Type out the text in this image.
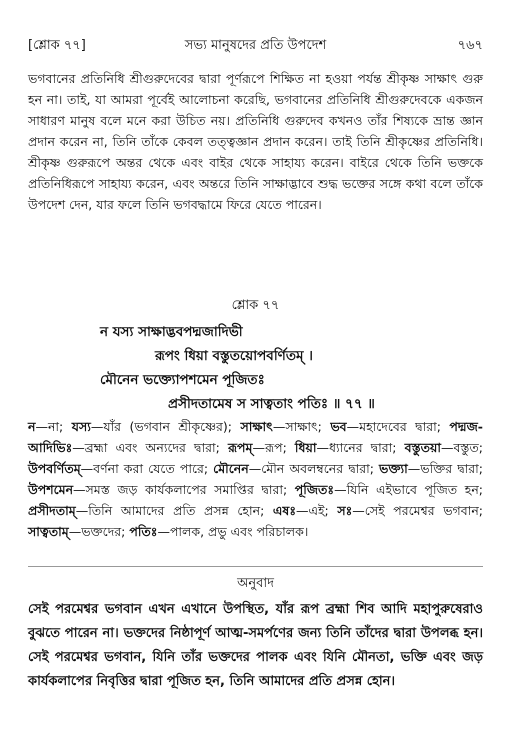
[শ্লোক ৭৭]	সভ্য মানুষদের প্রতি উপদেশ	৭৬৭
ভগবানের প্রতিনিধি শ্রীগুরুদেবের দ্বারা পূর্ণরূপে শিক্ষিত না হওয়া পর্যন্ত শ্রীকৃষ্ণ সাক্ষাৎ গুরু হন না। তাই, যা আমরা পূর্বেই আলোচনা করেছি, ভগবানের প্রতিনিধি শ্রীগুরুদেবকে একজন সাধারণ মানুষ বলে মনে করা উচিত নয়। প্রতিনিধি গুরুদেব কখনও তাঁর শিষ্যকে ভ্রান্ত জ্ঞান প্রদান করেন না, তিনি তাঁকে কেবল তত্ত্বজ্ঞান প্রদান করেন। তাই তিনি শ্রীকৃষ্ণের প্রতিনিধি। শ্রীকৃষ্ণ গুরুরূপে অন্তর থেকে এবং বাইর থেকে সাহায্য করেন। বাইরে থেকে তিনি ভক্তকে প্রতিনিধিরূপে সাহায্য করেন, এবং অন্তরে তিনি সাক্ষাদ্ভাবে শুদ্ধ ভক্তের সঙ্গে কথা বলে তাঁকে উপদেশ দেন, যার ফলে তিনি ভগবদ্ধামে ফিরে যেতে পারেন।
শ্লোক ৭৭
ন যস্য সাক্ষাদ্ভবপদ্মজাদিভী
রূপং ধিয়া বস্তুতয়োপবর্ণিতম্ ।
মৌনেন ভক্ত্যোপশমেন পূজিতঃ
প্রসীদতামেষ স সাত্বতাং পতিঃ ॥ ৭৭ ॥
ন—না; যস্য—যাঁর (ভগবান শ্রীকৃষ্ণের); সাক্ষাৎ—সাক্ষাৎ; ভব—মহাদেবের দ্বারা; পদ্মজ-আদিভিঃ—ব্রহ্মা এবং অন্যদের দ্বারা; রূপম্—রূপ; ধিয়া—ধ্যানের দ্বারা; বস্তুতয়া—বস্তুত; উপবর্ণিতম্—বর্ণনা করা যেতে পারে; মৌনেন—মৌন অবলম্বনের দ্বারা; ভক্ত্যা—ভক্তির দ্বারা; উপশমেন—সমস্ত জড় কার্যকলাপের সমাপ্তির দ্বারা; পূজিতঃ—যিনি এইভাবে পূজিত হন; প্রসীদতাম্—তিনি আমাদের প্রতি প্রসন্ন হোন; এষঃ—এই; সঃ—সেই পরমেশ্বর ভগবান; সাত্বতাম্—ভক্তদের; পতিঃ—পালক, প্রভু এবং পরিচালক।
অনুবাদ
সেই পরমেশ্বর ভগবান এখন এখানে উপস্থিত, যাঁর রূপ ব্রহ্মা শিব আদি মহাপুরুষেরাও বুঝতে পারেন না। ভক্তদের নিষ্ঠাপূর্ণ আত্ম-সমর্পণের জন্য তিনি তাঁদের দ্বারা উপলব্ধ হন। সেই পরমেশ্বর ভগবান, যিনি তাঁর ভক্তদের পালক এবং যিনি মৌনতা, ভক্তি এবং জড় কার্যকলাপের নিবৃত্তির দ্বারা পূজিত হন, তিনি আমাদের প্রতি প্রসন্ন হোন।
